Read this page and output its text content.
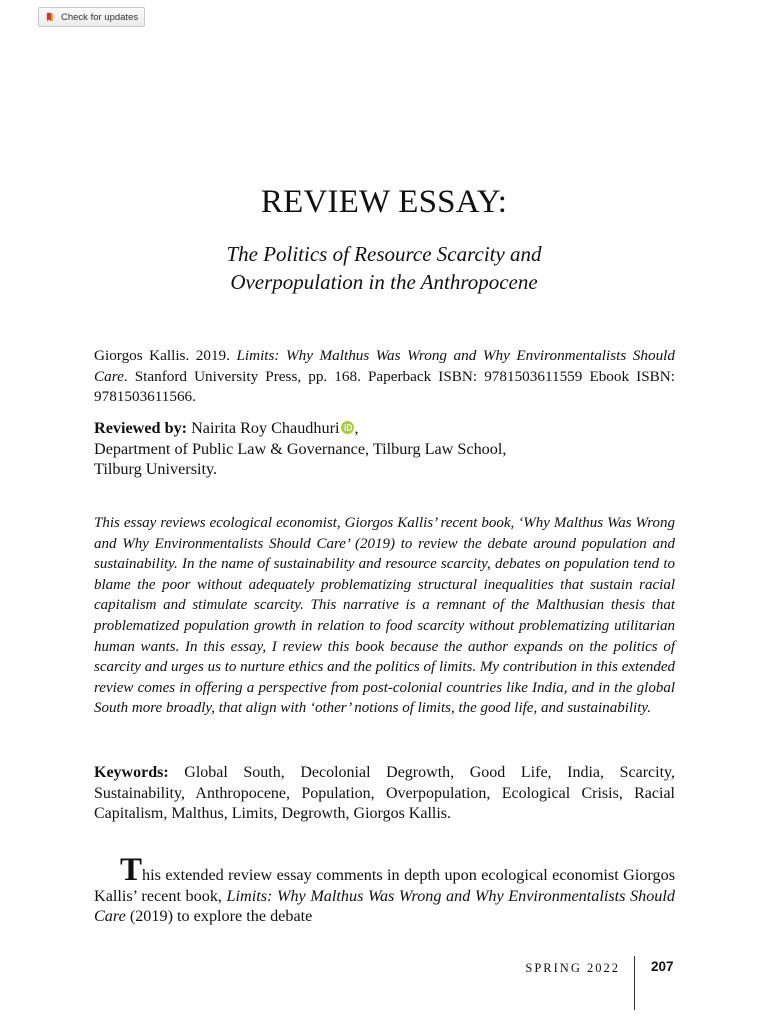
Check for updates
REVIEW ESSAY:
The Politics of Resource Scarcity and
Overpopulation in the Anthropocene
Giorgos Kallis. 2019. Limits: Why Malthus Was Wrong and Why Environmentalists Should Care. Stanford University Press, pp. 168. Paperback ISBN: 9781503611559 Ebook ISBN: 9781503611566.
Reviewed by: Nairita Roy Chaudhuri ,
Department of Public Law & Governance, Tilburg Law School,
Tilburg University.
This essay reviews ecological economist, Giorgos Kallis’ recent book, ‘Why Malthus Was Wrong and Why Environmentalists Should Care’ (2019) to review the debate around population and sustainability. In the name of sustainability and resource scarcity, debates on population tend to blame the poor without adequately problematizing structural inequalities that sustain racial capitalism and stimulate scarcity. This narrative is a remnant of the Malthusian thesis that problematized population growth in relation to food scarcity without problematizing utilitarian human wants. In this essay, I review this book because the author expands on the politics of scarcity and urges us to nurture ethics and the politics of limits. My contribution in this extended review comes in offering a perspective from post-colonial countries like India, and in the global South more broadly, that align with ‘other’ notions of limits, the good life, and sustainability.
Keywords: Global South, Decolonial Degrowth, Good Life, India, Scarcity, Sustainability, Anthropocene, Population, Overpopulation, Ecological Crisis, Racial Capitalism, Malthus, Limits, Degrowth, Giorgos Kallis.
This extended review essay comments in depth upon ecological economist Giorgos Kallis’ recent book, Limits: Why Malthus Was Wrong and Why Environmentalists Should Care (2019) to explore the debate
SPRING 2022 207
